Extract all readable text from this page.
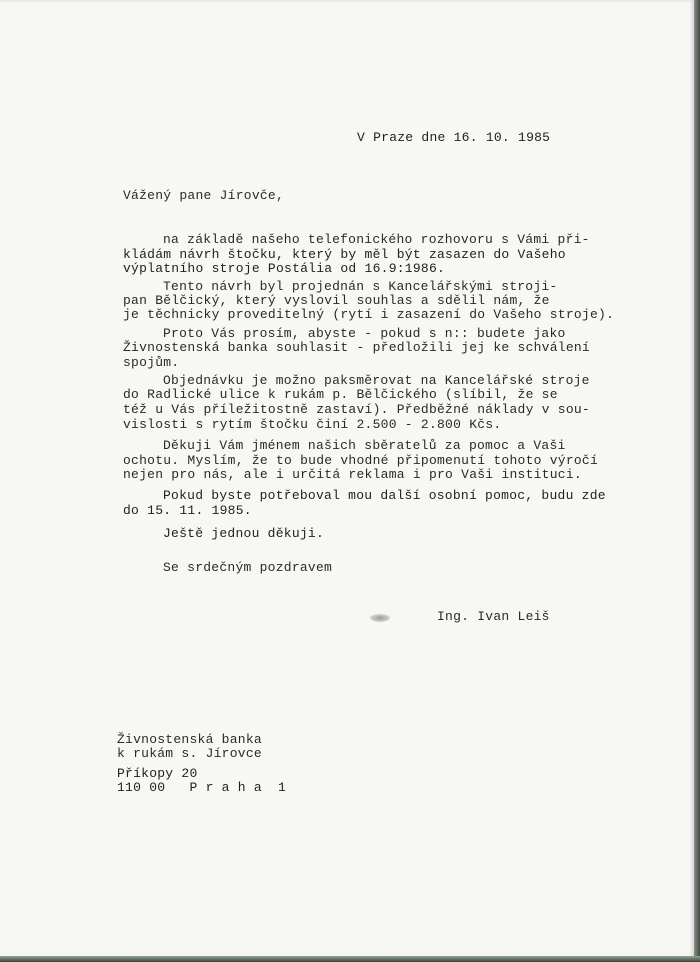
V Praze dne 16. 10. 1985
Vážený pane Jírovče,
na základě našeho telefonického rozhovoru s Vámi při-
kládám návrh štočku, který by měl být zasazen do Vašeho
výplatního stroje Postália od 16.9:1986.
Tento návrh byl projednán s Kancelářskými stroji-
pan Bělčický, který vyslovil souhlas a sdělil nám, že
je těchnicky proveditelný (rytí i zasazení do Vašeho stroje).
Proto Vás prosím, abyste - pokud s n:: budete jako
Živnostenská banka souhlasit - předložili jej ke schválení
spojům.
Objednávku je možno paksměrovat na Kancelářské stroje
do Radlické ulice k rukám p. Bělčického (slíbil, že se
též u Vás příležitostně zastaví). Předběžné náklady v sou-
vislosti s rytím štočku činí 2.500 - 2.800 Kčs.
Děkuji Vám jménem našich sběratelů za pomoc a Vaši
ochotu. Myslím, že to bude vhodné připomenutí tohoto výročí
nejen pro nás, ale i určitá reklama i pro Vaši instituci.
Pokud byste potřeboval mou další osobní pomoc, budu zde
do 15. 11. 1985.
Ještě jednou děkuji.
Se srdečným pozdravem
Ing. Ivan Leiš
Živnostenská banka
k rukám s. Jírovce
Příkopy 20
110 00   P r a h a  1
